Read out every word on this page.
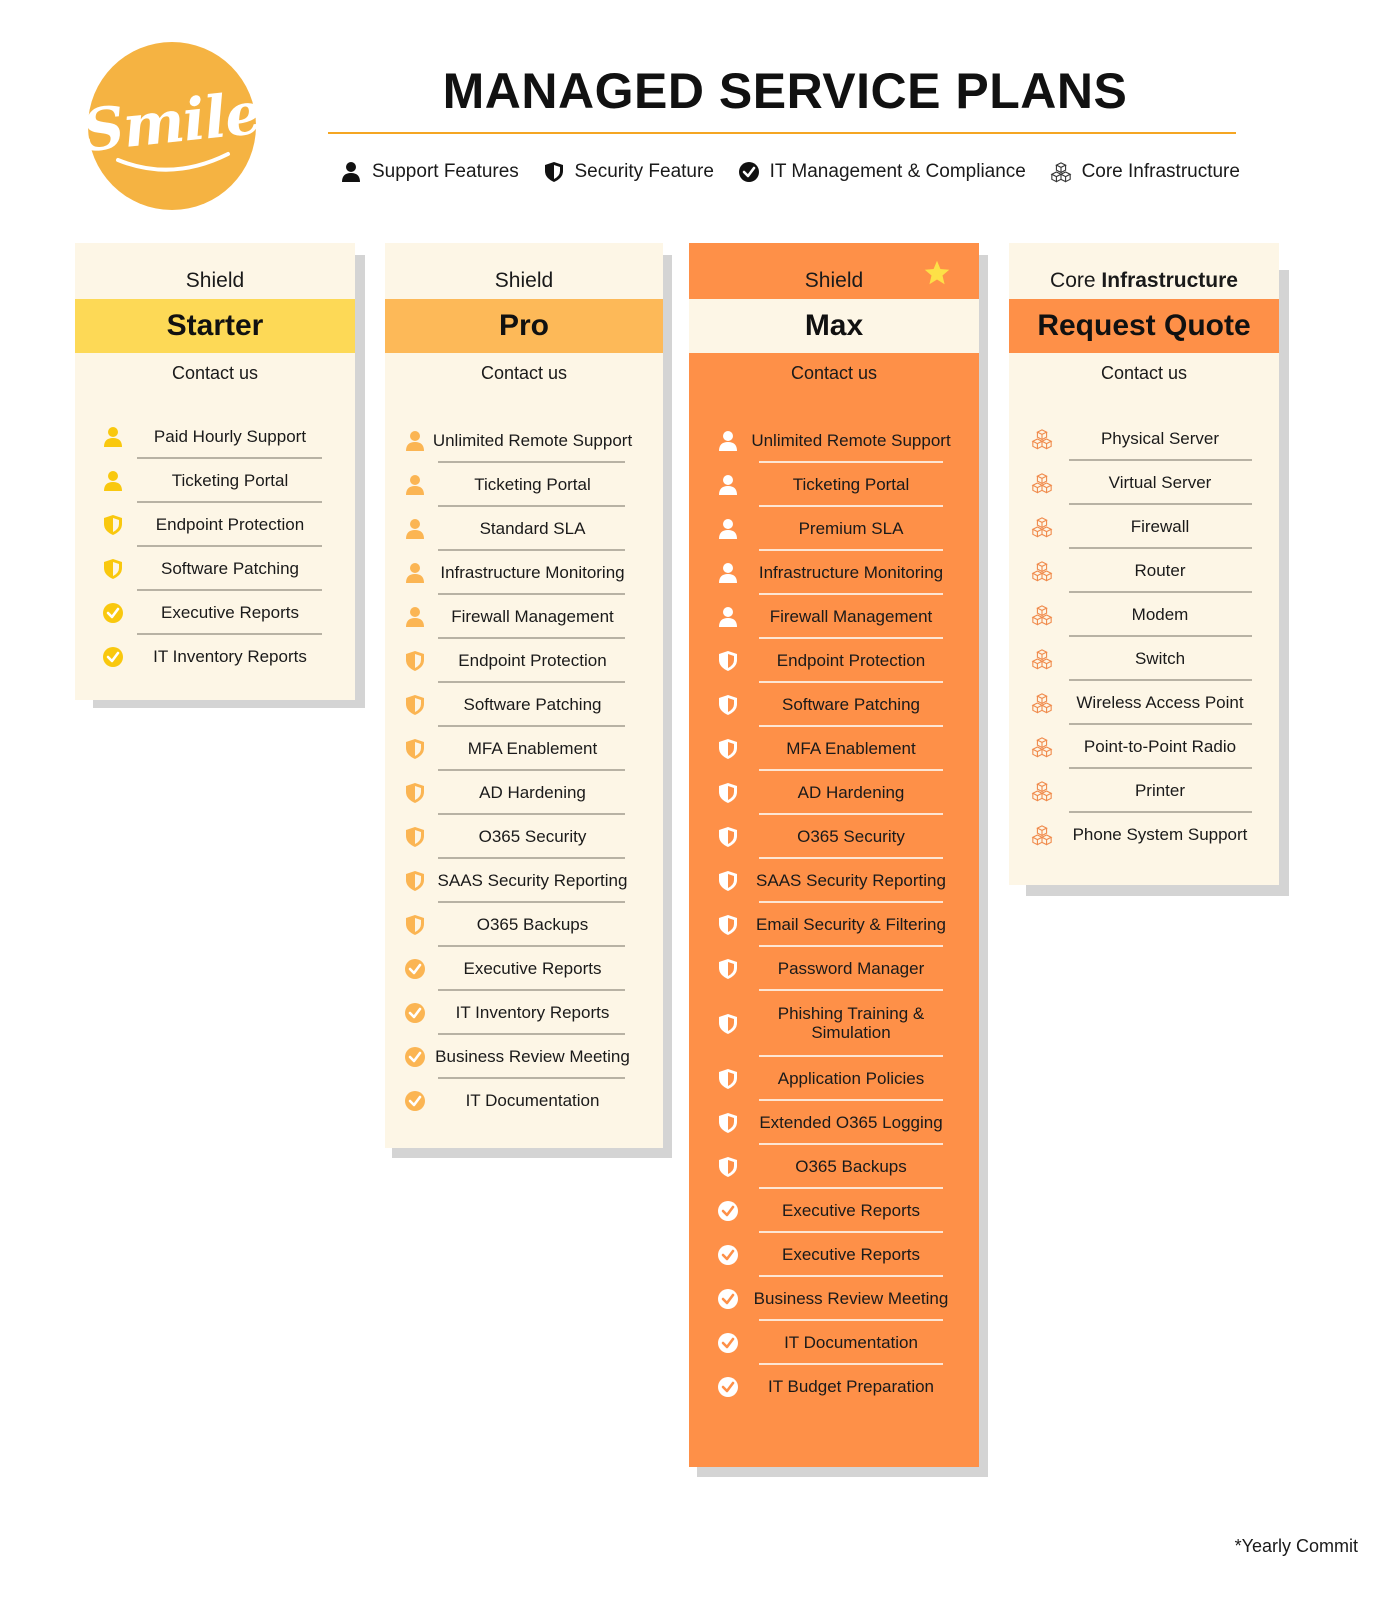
Smile	MANAGED SERVICE PLANS
Support Features	Security Feature	IT Management & Compliance	Core Infrastructure
Shield
Starter
Contact us
Paid Hourly Support
Ticketing Portal
Endpoint Protection
Software Patching
Executive Reports
IT Inventory Reports
Shield
Pro
Contact us
Unlimited Remote Support
Ticketing Portal
Standard SLA
Infrastructure Monitoring
Firewall Management
Endpoint Protection
Software Patching
MFA Enablement
AD Hardening
O365 Security
SAAS Security Reporting
O365 Backups
Executive Reports
IT Inventory Reports
Business Review Meeting
IT Documentation
Shield
Max
Contact us
Unlimited Remote Support
Ticketing Portal
Premium SLA
Infrastructure Monitoring
Firewall Management
Endpoint Protection
Software Patching
MFA Enablement
AD Hardening
O365 Security
SAAS Security Reporting
Email Security & Filtering
Password Manager
Phishing Training & Simulation
Application Policies
Extended O365 Logging
O365 Backups
Executive Reports
Executive Reports
Business Review Meeting
IT Documentation
IT Budget Preparation
Core Infrastructure
Request Quote
Contact us
Physical Server
Virtual Server
Firewall
Router
Modem
Switch
Wireless Access Point
Point-to-Point Radio
Printer
Phone System Support
*Yearly Commit
